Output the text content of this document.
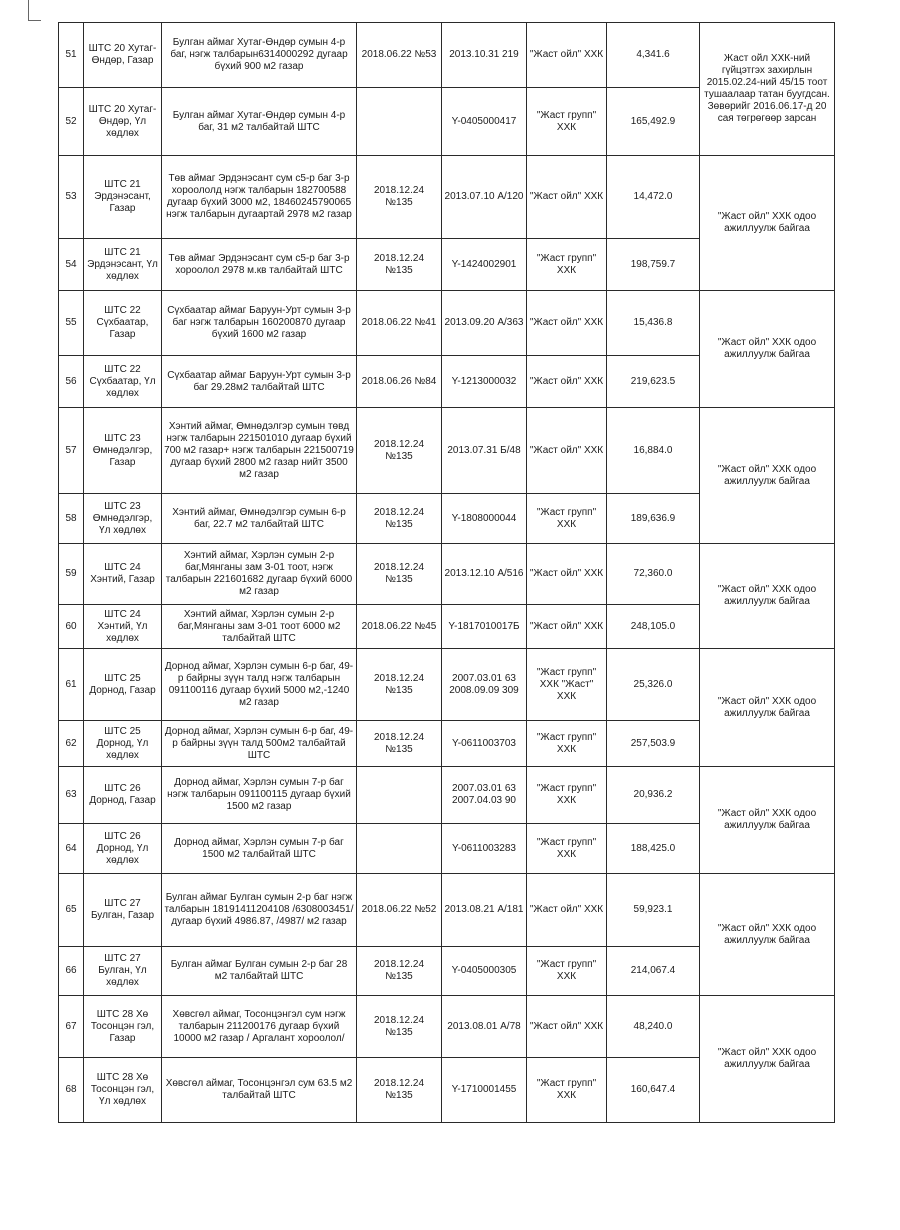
51	ШТС 20 Хутаг-Өндөр, Газар	Булган аймаг Хутаг-Өндөр сумын 4-р баг, нэгж талбарын6314000292 дугаар бүхий 900 м2 газар	2018.06.22 №53	2013.10.31 219	"Жаст ойл" ХХК	4,341.6	Жаст ойл ХХК-ний гүйцэтгэх захирлын 2015.02.24-ний 45/15 тоот тушаалаар татан буугдсан. Зөвөрийг 2016.06.17-д 20 сая төгрөгөөр зарсан
52	ШТС 20 Хутаг-Өндөр, Үл хөдлөх	Булган аймаг Хутаг-Өндөр сумын 4-р баг, 31 м2 талбайтай ШТС		Y-0405000417	"Жаст групп" ХХК	165,492.9	
53	ШТС 21 Эрдэнэсант, Газар	Төв аймаг Эрдэнэсант сум с5-р баг 3-р хороололд нэгж талбарын 182700588 дугаар бүхий 3000 м2, 18460245790065 нэгж талбарын дугаартай 2978 м2 газар	2018.12.24 №135	2013.07.10 А/120	"Жаст ойл" ХХК	14,472.0	"Жаст ойл" ХХК одоо ажиллуулж байгаа
54	ШТС 21 Эрдэнэсант, Үл хөдлөх	Төв аймаг Эрдэнэсант сум с5-р баг 3-р хороолол 2978 м.кв талбайтай ШТС	2018.12.24 №135	Y-1424002901	"Жаст групп" ХХК	198,759.7	
55	ШТС 22 Сүхбаатар, Газар	Сүхбаатар аймаг Баруун-Урт сумын 3-р баг нэгж талбарын 160200870 дугаар бүхий 1600 м2 газар	2018.06.22 №41	2013.09.20 А/363	"Жаст ойл" ХХК	15,436.8	"Жаст ойл" ХХК одоо ажиллуулж байгаа
56	ШТС 22 Сүхбаатар, Үл хөдлөх	Сүхбаатар аймаг Баруун-Урт сумын 3-р баг 29.28м2 талбайтай ШТС	2018.06.26 №84	Y-1213000032	"Жаст ойл" ХХК	219,623.5	
57	ШТС 23 Өмнөдэлгэр, Газар	Хэнтий аймаг, Өмнөдэлгэр сумын төвд нэгж талбарын 221501010 дугаар бүхий 700 м2 газар+ нэгж талбарын 221500719 дугаар бүхий 2800 м2 газар нийт 3500 м2 газар	2018.12.24 №135	2013.07.31 Б/48	"Жаст ойл" ХХК	16,884.0	"Жаст ойл" ХХК одоо ажиллуулж байгаа
58	ШТС 23 Өмнөдэлгэр, Үл хөдлөх	Хэнтий аймаг, Өмнөдэлгэр сумын 6-р баг, 22.7 м2 талбайтай ШТС	2018.12.24 №135	Y-1808000044	"Жаст групп" ХХК	189,636.9	
59	ШТС 24 Хэнтий, Газар	Хэнтий аймаг, Хэрлэн сумын 2-р баг,Мянганы зам 3-01 тоот, нэгж талбарын 221601682 дугаар бүхий 6000 м2 газар	2018.12.24 №135	2013.12.10 А/516	"Жаст ойл" ХХК	72,360.0	"Жаст ойл" ХХК одоо ажиллуулж байгаа
60	ШТС 24 Хэнтий, Үл хөдлөх	Хэнтий аймаг, Хэрлэн сумын 2-р баг,Мянганы зам 3-01 тоот 6000 м2 талбайтай ШТС	2018.06.22 №45	Y-1817010017Б	"Жаст ойл" ХХК	248,105.0	
61	ШТС 25 Дорнод, Газар	Дорнод аймаг, Хэрлэн сумын 6-р баг, 49-р байрны зүүн талд нэгж талбарын 091100116 дугаар бүхий 5000 м2,-1240 м2 газар	2018.12.24 №135	2007.03.01 63 2008.09.09 309	"Жаст групп" ХХК "Жаст" ХХК	25,326.0	"Жаст ойл" ХХК одоо ажиллуулж байгаа
62	ШТС 25 Дорнод, Үл хөдлөх	Дорнод аймаг, Хэрлэн сумын 6-р баг, 49-р байрны зүүн талд 500м2 талбайтай ШТС	2018.12.24 №135	Y-0611003703	"Жаст групп" ХХК	257,503.9	
63	ШТС 26 Дорнод, Газар	Дорнод аймаг, Хэрлэн сумын 7-р баг нэгж талбарын 091100115 дугаар бүхий 1500 м2 газар		2007.03.01 63 2007.04.03 90	"Жаст групп" ХХК	20,936.2	"Жаст ойл" ХХК одоо ажиллуулж байгаа
64	ШТС 26 Дорнод, Үл хөдлөх	Дорнод аймаг, Хэрлэн сумын 7-р баг 1500 м2 талбайтай ШТС		Y-0611003283	"Жаст групп" ХХК	188,425.0	
65	ШТС 27 Булган, Газар	Булган аймаг Булган сумын 2-р баг нэгж талбарын 18191411204108 /6308003451/ дугаар бүхий 4986.87, /4987/ м2 газар	2018.06.22 №52	2013.08.21 А/181	"Жаст ойл" ХХК	59,923.1	"Жаст ойл" ХХК одоо ажиллуулж байгаа
66	ШТС 27 Булган, Үл хөдлөх	Булган аймаг Булган сумын 2-р баг 28 м2 талбайтай ШТС	2018.12.24 №135	Y-0405000305	"Жаст групп" ХХК	214,067.4	
67	ШТС 28 Хө Тосонцэн гэл, Газар	Хөвсгөл аймаг, Тосонцэнгэл сум нэгж талбарын 211200176 дугаар бүхий 10000 м2 газар / Аргалант хороолол/	2018.12.24 №135	2013.08.01 А/78	"Жаст ойл" ХХК	48,240.0	"Жаст ойл" ХХК одоо ажиллуулж байгаа
68	ШТС 28 Хө Тосонцэн гэл, Үл хөдлөх	Хөвсгөл аймаг, Тосонцэнгэл сум 63.5 м2 талбайтай ШТС	2018.12.24 №135	Y-1710001455	"Жаст групп" ХХК	160,647.4	
